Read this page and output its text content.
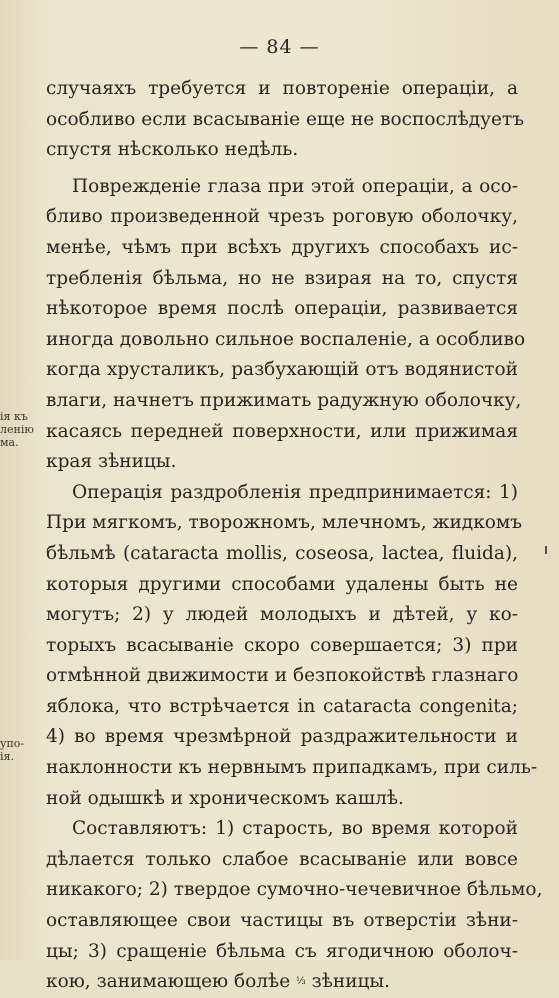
— 84 —
ія къ
ленію
ма.
упо-
ія.
случаяхъ требуется и повтореніе операціи, а
особливо если всасываніе еще не воспослѣдуетъ
спустя нѣсколько недѣль.
Поврежденіе глаза при этой операціи, а осо-
бливо произведенной чрезъ роговую оболочку,
менѣе, чѣмъ при всѣхъ другихъ способахъ ис-
требленія бѣльма, но не взирая на то, спустя
нѣкоторое время послѣ операціи, развивается
иногда довольно сильное воспаленіе, а особливо
когда хрусталикъ, разбухающій отъ водянистой
влаги, начнетъ прижимать радужную оболочку,
касаясь передней поверхности, или прижимая
края зѣницы.
Операція раздробленія предпринимается: 1)
При мягкомъ, творожномъ, млечномъ, жидкомъ
бѣльмѣ (cataracta mollis, coseosa, lactea, fluida),
которыя другими способами удалены быть не
могутъ; 2) у людей молодыхъ и дѣтей, у ко-
торыхъ всасываніе скоро совершается; 3) при
отмѣнной движимости и безпокойствѣ глазнаго
яблока, что встрѣчается in cataracta congenita;
4) во время чрезмѣрной раздражительности и
наклонности къ нервнымъ припадкамъ, при силь-
ной одышкѣ и хроническомъ кашлѣ.
Составляютъ: 1) старость, во время которой
дѣлается только слабое всасываніе или вовсе
никакого; 2) твердое сумочно-чечевичное бѣльмо,
оставляющее свои частицы въ отверстіи зѣни-
цы; 3) сращеніе бѣльма съ ягодичною оболоч-
кою, занимающею болѣе ⅓ зѣницы.
